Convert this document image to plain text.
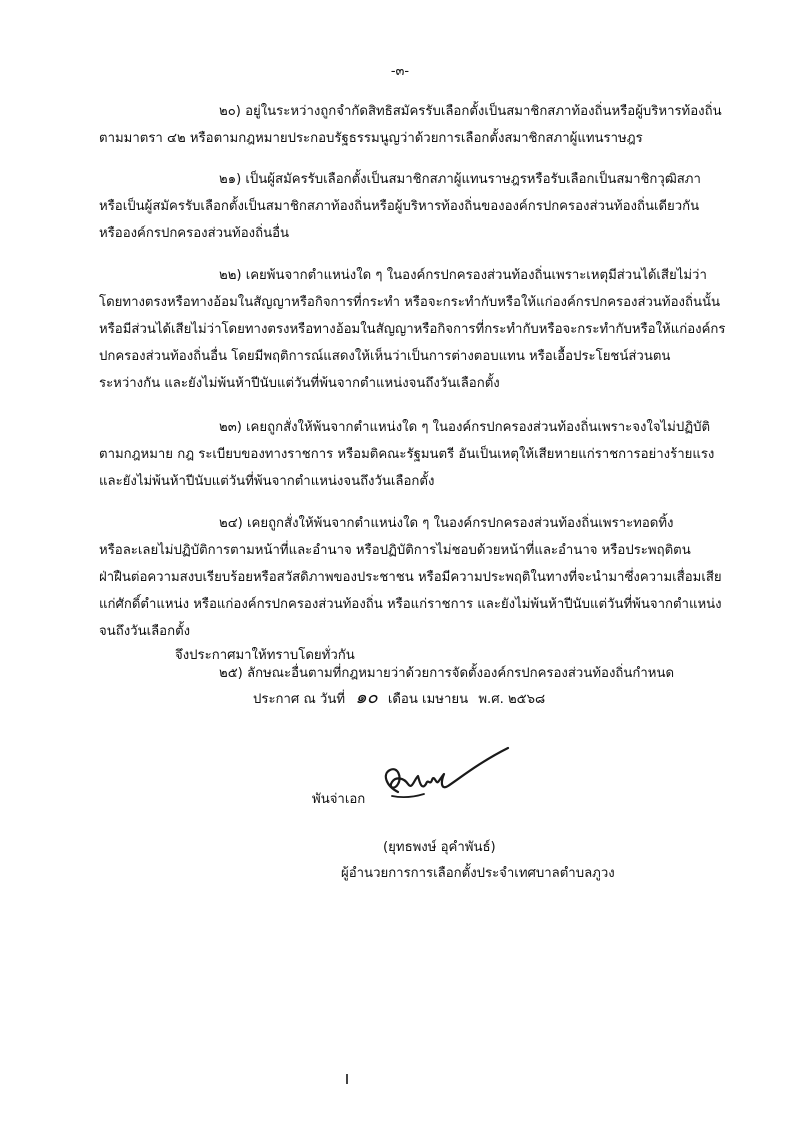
-๓-
๒๐) อยู่ในระหว่างถูกจำกัดสิทธิสมัครรับเลือกตั้งเป็นสมาชิกสภาท้องถิ่นหรือผู้บริหารท้องถิ่น
ตามมาตรา ๔๒ หรือตามกฎหมายประกอบรัฐธรรมนูญว่าด้วยการเลือกตั้งสมาชิกสภาผู้แทนราษฎร
๒๑) เป็นผู้สมัครรับเลือกตั้งเป็นสมาชิกสภาผู้แทนราษฎรหรือรับเลือกเป็นสมาชิกวุฒิสภา
หรือเป็นผู้สมัครรับเลือกตั้งเป็นสมาชิกสภาท้องถิ่นหรือผู้บริหารท้องถิ่นขององค์กรปกครองส่วนท้องถิ่นเดียวกัน
หรือองค์กรปกครองส่วนท้องถิ่นอื่น
๒๒) เคยพ้นจากตำแหน่งใด ๆ ในองค์กรปกครองส่วนท้องถิ่นเพราะเหตุมีส่วนได้เสียไม่ว่า
โดยทางตรงหรือทางอ้อมในสัญญาหรือกิจการที่กระทำ หรือจะกระทำกับหรือให้แก่องค์กรปกครองส่วนท้องถิ่นนั้น
หรือมีส่วนได้เสียไม่ว่าโดยทางตรงหรือทางอ้อมในสัญญาหรือกิจการที่กระทำกับหรือจะกระทำกับหรือให้แก่องค์กร
ปกครองส่วนท้องถิ่นอื่น โดยมีพฤติการณ์แสดงให้เห็นว่าเป็นการต่างตอบแทน หรือเอื้อประโยชน์ส่วนตน
ระหว่างกัน และยังไม่พ้นห้าปีนับแต่วันที่พ้นจากตำแหน่งจนถึงวันเลือกตั้ง
๒๓) เคยถูกสั่งให้พ้นจากตำแหน่งใด ๆ ในองค์กรปกครองส่วนท้องถิ่นเพราะจงใจไม่ปฏิบัติ
ตามกฎหมาย กฎ ระเบียบของทางราชการ หรือมติคณะรัฐมนตรี อันเป็นเหตุให้เสียหายแก่ราชการอย่างร้ายแรง
และยังไม่พ้นห้าปีนับแต่วันที่พ้นจากตำแหน่งจนถึงวันเลือกตั้ง
๒๔) เคยถูกสั่งให้พ้นจากตำแหน่งใด ๆ ในองค์กรปกครองส่วนท้องถิ่นเพราะทอดทิ้ง
หรือละเลยไม่ปฏิบัติการตามหน้าที่และอำนาจ หรือปฏิบัติการไม่ชอบด้วยหน้าที่และอำนาจ หรือประพฤติตน
ฝ่าฝืนต่อความสงบเรียบร้อยหรือสวัสดิภาพของประชาชน หรือมีความประพฤติในทางที่จะนำมาซึ่งความเสื่อมเสีย
แก่ศักดิ์ตำแหน่ง หรือแก่องค์กรปกครองส่วนท้องถิ่น หรือแก่ราชการ และยังไม่พ้นห้าปีนับแต่วันที่พ้นจากตำแหน่ง
จนถึงวันเลือกตั้ง
๒๕) ลักษณะอื่นตามที่กฎหมายว่าด้วยการจัดตั้งองค์กรปกครองส่วนท้องถิ่นกำหนด
จึงประกาศมาให้ทราบโดยทั่วกัน
ประกาศ ณ วันที่ ๑๐ เดือน เมษายน พ.ศ. ๒๕๖๘
พันจ่าเอก
(ยุทธพงษ์ อุคำพันธ์)
ผู้อำนวยการการเลือกตั้งประจำเทศบาลตำบลภูวง
